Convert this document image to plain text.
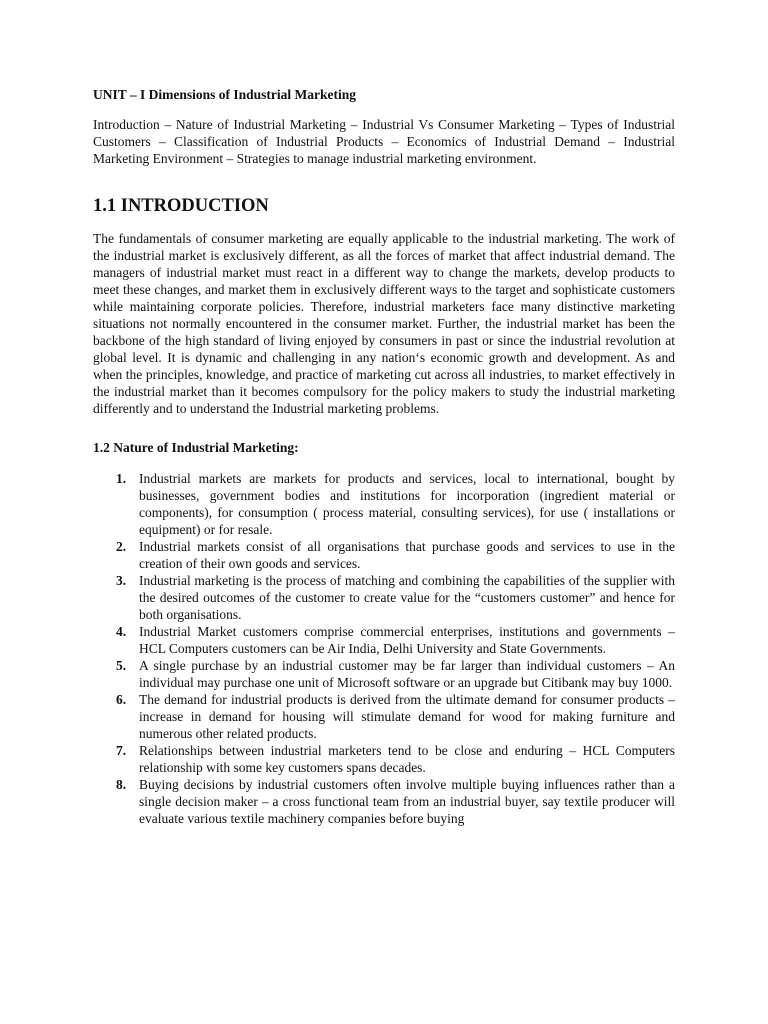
UNIT – I Dimensions of Industrial Marketing

Introduction – Nature of Industrial Marketing – Industrial Vs Consumer Marketing – Types of Industrial Customers – Classification of Industrial Products – Economics of Industrial Demand – Industrial Marketing Environment – Strategies to manage industrial marketing environment.

1.1 INTRODUCTION

The fundamentals of consumer marketing are equally applicable to the industrial marketing. The work of the industrial market is exclusively different, as all the forces of market that affect industrial demand. The managers of industrial market must react in a different way to change the markets, develop products to meet these changes, and market them in exclusively different ways to the target and sophisticate customers while maintaining corporate policies. Therefore, industrial marketers face many distinctive marketing situations not normally encountered in the consumer market. Further, the industrial market has been the backbone of the high standard of living enjoyed by consumers in past or since the industrial revolution at global level. It is dynamic and challenging in any nation‘s economic growth and development. As and when the principles, knowledge, and practice of marketing cut across all industries, to market effectively in the industrial market than it becomes compulsory for the policy makers to study the industrial marketing differently and to understand the Industrial marketing problems.

1.2 Nature of Industrial Marketing:
1. Industrial markets are markets for products and services, local to international, bought by businesses, government bodies and institutions for incorporation (ingredient material or components), for consumption ( process material, consulting services), for use ( installations or equipment) or for resale.
2. Industrial markets consist of all organisations that purchase goods and services to use in the creation of their own goods and services.
3. Industrial marketing is the process of matching and combining the capabilities of the supplier with the desired outcomes of the customer to create value for the “customers customer” and hence for both organisations.
4. Industrial Market customers comprise commercial enterprises, institutions and governments – HCL Computers customers can be Air India, Delhi University and State Governments.
5. A single purchase by an industrial customer may be far larger than individual customers – An individual may purchase one unit of Microsoft software or an upgrade but Citibank may buy 1000.
6. The demand for industrial products is derived from the ultimate demand for consumer products – increase in demand for housing will stimulate demand for wood for making furniture and numerous other related products.
7. Relationships between industrial marketers tend to be close and enduring – HCL Computers relationship with some key customers spans decades.
8. Buying decisions by industrial customers often involve multiple buying influences rather than a single decision maker – a cross functional team from an industrial buyer, say textile producer will evaluate various textile machinery companies before buying
